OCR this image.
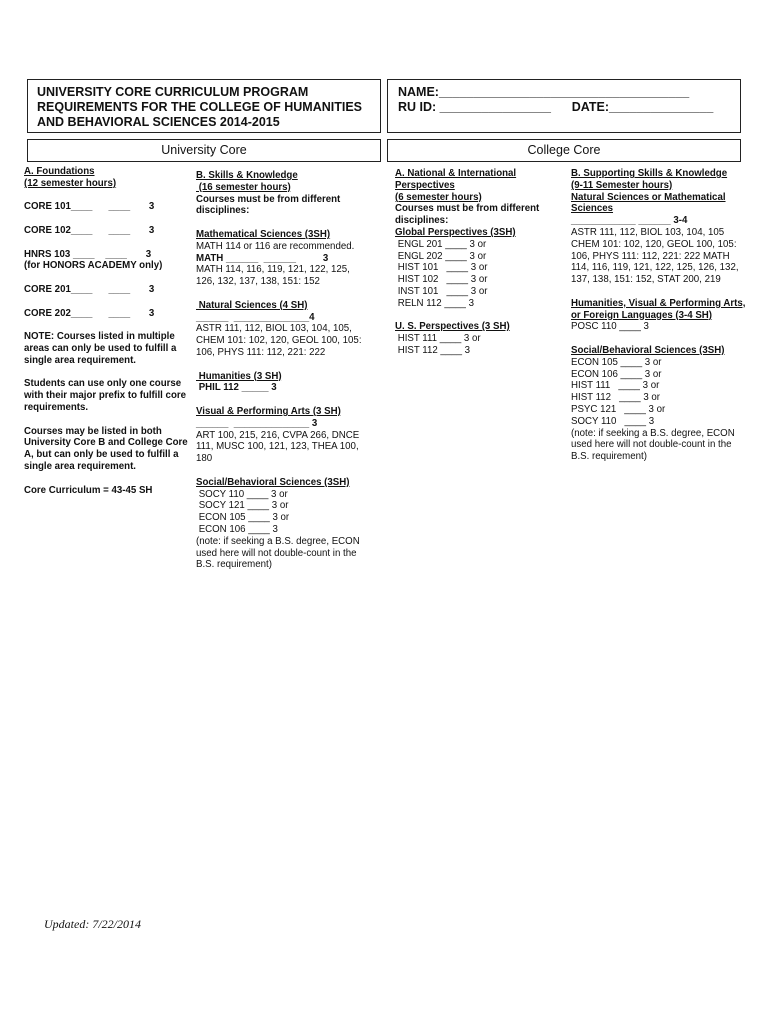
UNIVERSITY CORE CURRICULUM PROGRAM
REQUIREMENTS FOR THE COLLEGE OF HUMANITIES
AND BEHAVIORAL SCIENCES 2014-2015
NAME:____________________________________
RU ID: ________________ DATE:_______________
University Core	College Core

A. Foundations

(12 semester hours)

CORE 101____      ____       3

CORE 102____      ____       3

HNRS 103 ____    ____       3

(for HONORS ACADEMY only)

CORE 201____      ____       3

CORE 202____      ____       3

NOTE: Courses listed in multiple areas can only be used to fulfill a single area requirement.

Students can use only one course with their major prefix to fulfill core requirements.

Courses may be listed in both University Core B and College Core A, but can only be used to fulfill a single area requirement.

Core Curriculum = 43-45 SH

B. Skills & Knowledge

(16 semester hours)

Courses must be from different disciplines:

Mathematical Sciences (3SH)

MATH 114 or 116 are recommended.

MATH ______  ______          3

MATH 114, 116, 119, 121, 122, 125, 126, 132, 137, 138, 151: 152

Natural Sciences (4 SH)

______  ______________4

ASTR 111, 112, BIOL 103, 104, 105, CHEM 101: 102, 120, GEOL 100, 105: 106, PHYS 111: 112, 221: 222

Humanities (3 SH)

PHIL 112 _____ 3

Visual & Performing Arts (3 SH)

______  ______________ 3

ART 100, 215, 216, CVPA 266, DNCE 111, MUSC 100, 121, 123, THEA 100, 180

Social/Behavioral Sciences (3SH)

SOCY 110 ____ 3 or

SOCY 121 ____ 3 or

ECON 105 ____ 3 or

ECON 106 ____ 3

(note: if seeking a B.S. degree, ECON used here will not double-count in the B.S. requirement)

A. National & International Perspectives

(6 semester hours)

Courses must be from different disciplines:

Global Perspectives (3SH)

ENGL 201 ____ 3 or

ENGL 202 ____ 3 or

HIST 101   ____ 3 or

HIST 102   ____ 3 or

INST 101   ____ 3 or

RELN 112 ____ 3

U. S. Perspectives (3 SH)

HIST 111 ____ 3 or

HIST 112 ____ 3

B. Supporting Skills & Knowledge

(9-11 Semester hours)

Natural Sciences or Mathematical Sciences

____________ ______ 3-4

ASTR 111, 112, BIOL 103, 104, 105 CHEM 101: 102, 120, GEOL 100, 105: 106, PHYS 111: 112, 221: 222 MATH 114, 116, 119, 121, 122, 125, 126, 132, 137, 138, 151: 152, STAT 200, 219

Humanities, Visual & Performing Arts, or Foreign Languages (3-4 SH)

POSC 110 ____ 3

Social/Behavioral Sciences (3SH)

ECON 105 ____ 3 or

ECON 106 ____ 3 or

HIST 111   ____ 3 or

HIST 112   ____ 3 or

PSYC 121   ____ 3 or

SOCY 110   ____ 3

(note: if seeking a B.S. degree, ECON used here will not double-count in the B.S. requirement)

Updated: 7/22/2014
